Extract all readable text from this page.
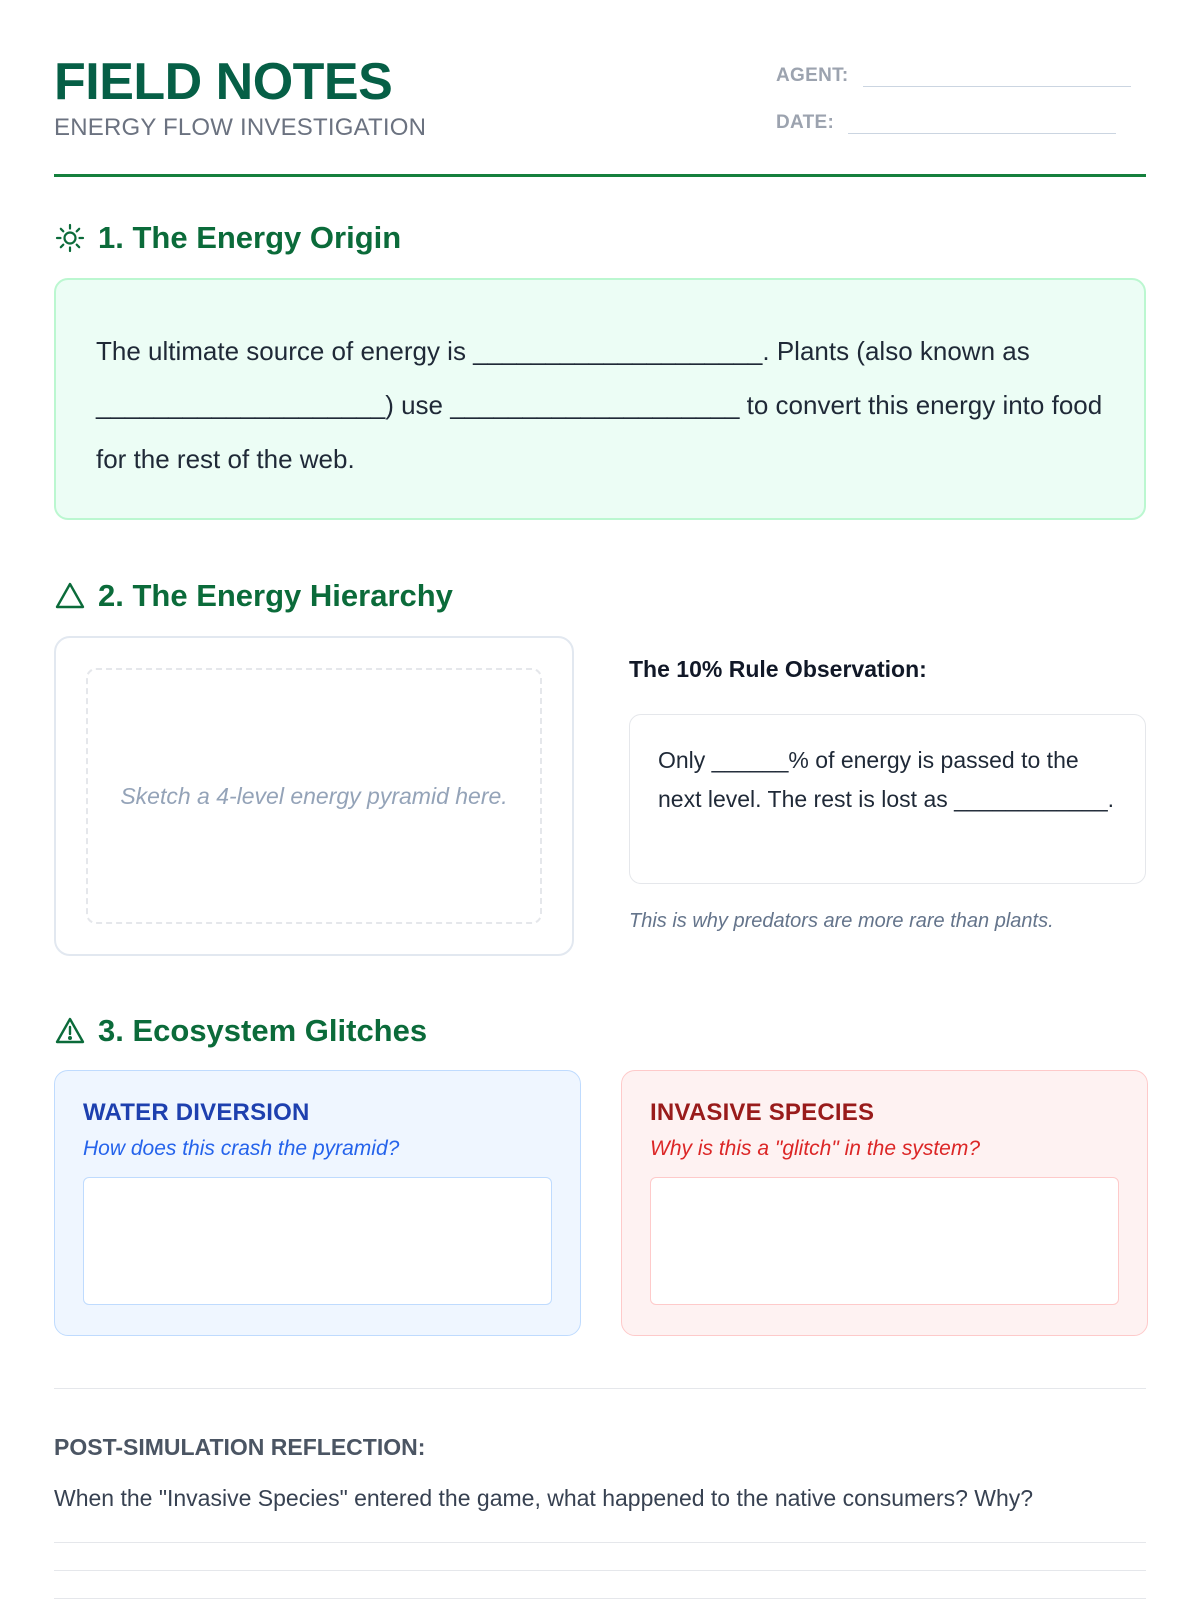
FIELD NOTES
ENERGY FLOW INVESTIGATION
AGENT:
DATE:
1. The Energy Origin
The ultimate source of energy is ____________________. Plants (also known as ____________________) use ____________________ to convert this energy into food for the rest of the web.
2. The Energy Hierarchy
Sketch a 4-level energy pyramid here.
The 10% Rule Observation:
Only ______% of energy is passed to the next level. The rest is lost as ____________.
This is why predators are more rare than plants.
3. Ecosystem Glitches
WATER DIVERSION
How does this crash the pyramid?
INVASIVE SPECIES
Why is this a "glitch" in the system?
POST-SIMULATION REFLECTION:
When the "Invasive Species" entered the game, what happened to the native consumers? Why?
